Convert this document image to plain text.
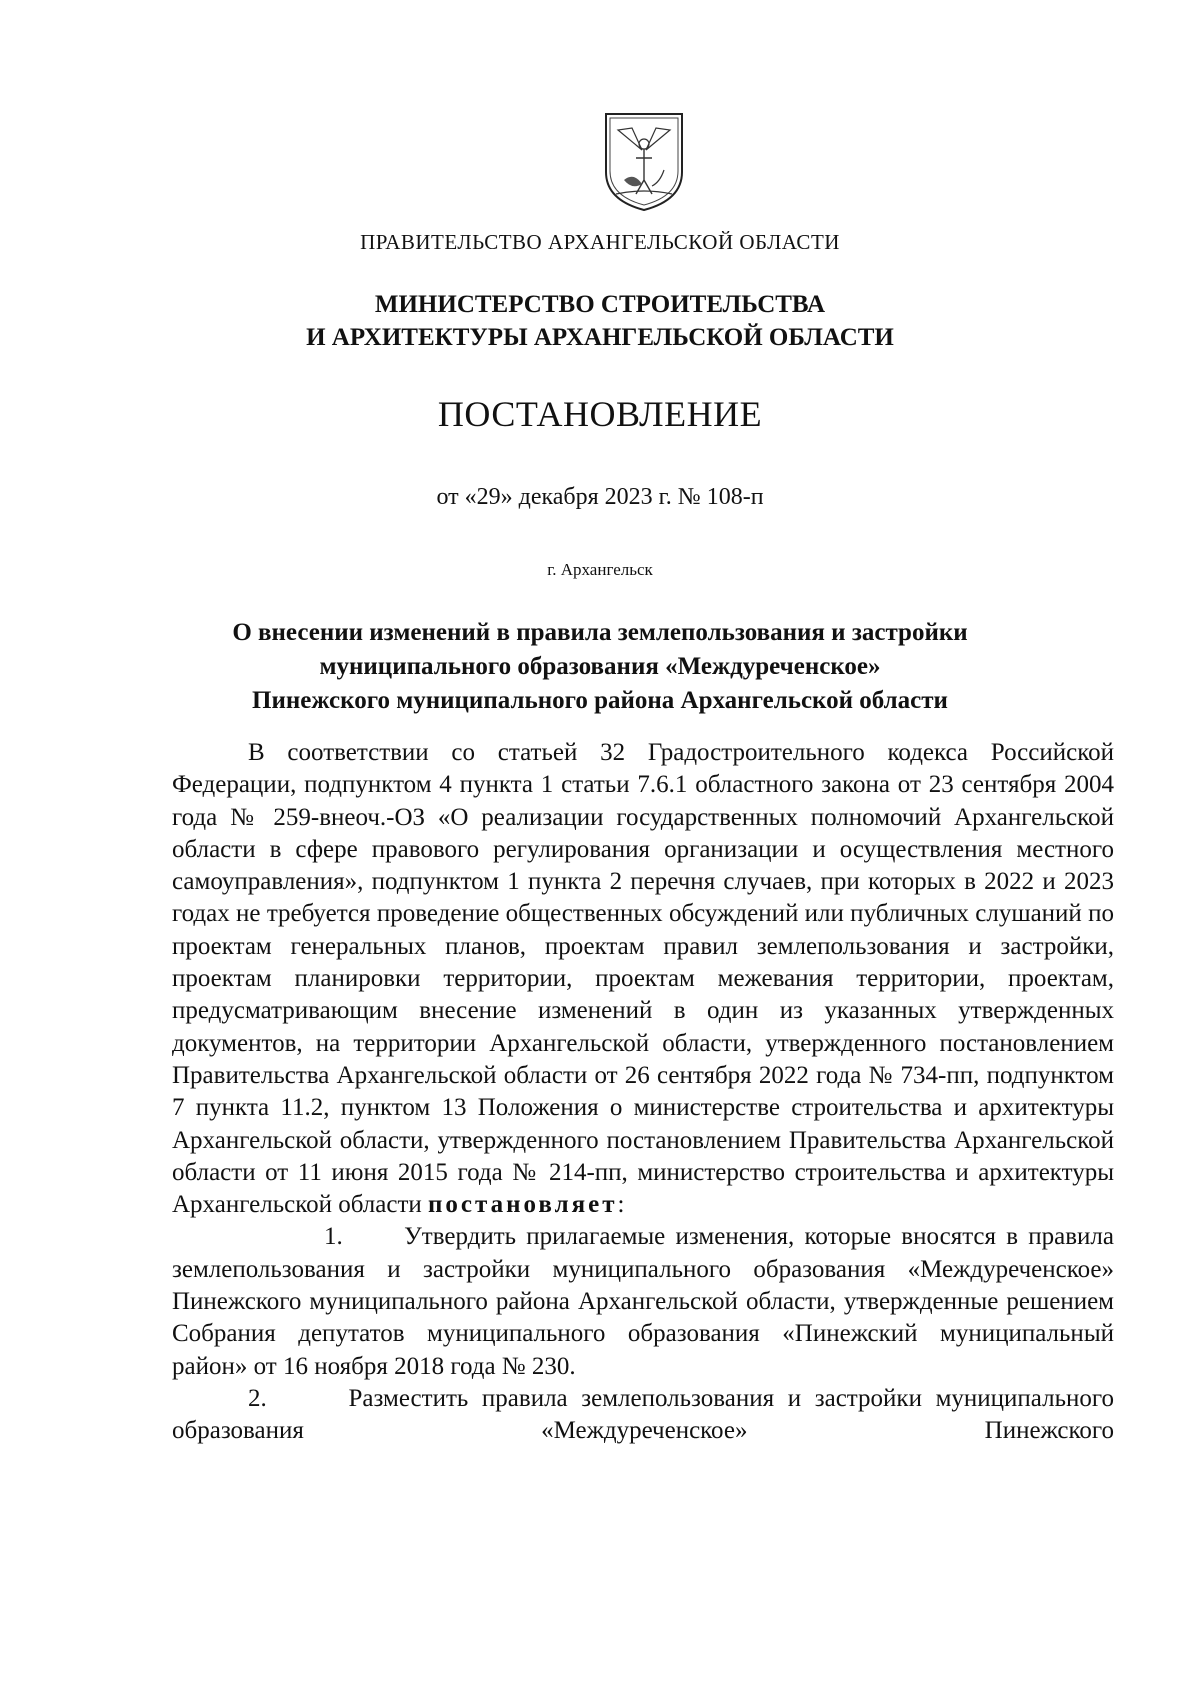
ПРАВИТЕЛЬСТВО АРХАНГЕЛЬСКОЙ ОБЛАСТИ
МИНИСТЕРСТВО СТРОИТЕЛЬСТВА
И АРХИТЕКТУРЫ АРХАНГЕЛЬСКОЙ ОБЛАСТИ
ПОСТАНОВЛЕНИЕ
от «29» декабря 2023 г. № 108-п
г. Архангельск
О внесении изменений в правила землепользования и застройки
муниципального образования «Междуреченское»
Пинежского муниципального района Архангельской области

В соответствии со статьей 32 Градостроительного кодекса Российской Федерации, подпунктом 4 пункта 1 статьи 7.6.1 областного закона от 23 сентября 2004 года № 259-внеоч.-ОЗ «О реализации государственных полномочий Архангельской области в сфере правового регулирования организации и осуществления местного самоуправления», подпунктом 1 пункта 2 перечня случаев, при которых в 2022 и 2023 годах не требуется проведение общественных обсуждений или публичных слушаний по проектам генеральных планов, проектам правил землепользования и застройки, проектам планировки территории, проектам межевания территории, проектам, предусматривающим внесение изменений в один из указанных утвержденных документов, на территории Архангельской области, утвержденного постановлением Правительства Архангельской области от 26 сентября 2022 года № 734-пп, подпунктом 7 пункта 11.2, пунктом 13 Положения о министерстве строительства и архитектуры Архангельской области, утвержденного постановлением Правительства Архангельской области от 11 июня 2015 года № 214-пп, министерство строительства и архитектуры Архангельской области постановляет:

1. Утвердить прилагаемые изменения, которые вносятся в правила землепользования и застройки муниципального образования «Междуреченское» Пинежского муниципального района Архангельской области, утвержденные решением Собрания депутатов муниципального образования «Пинежский муниципальный район» от 16 ноября 2018 года № 230.

2.	Разместить правила землепользования и застройки муниципального образования «Междуреченское» Пинежского
